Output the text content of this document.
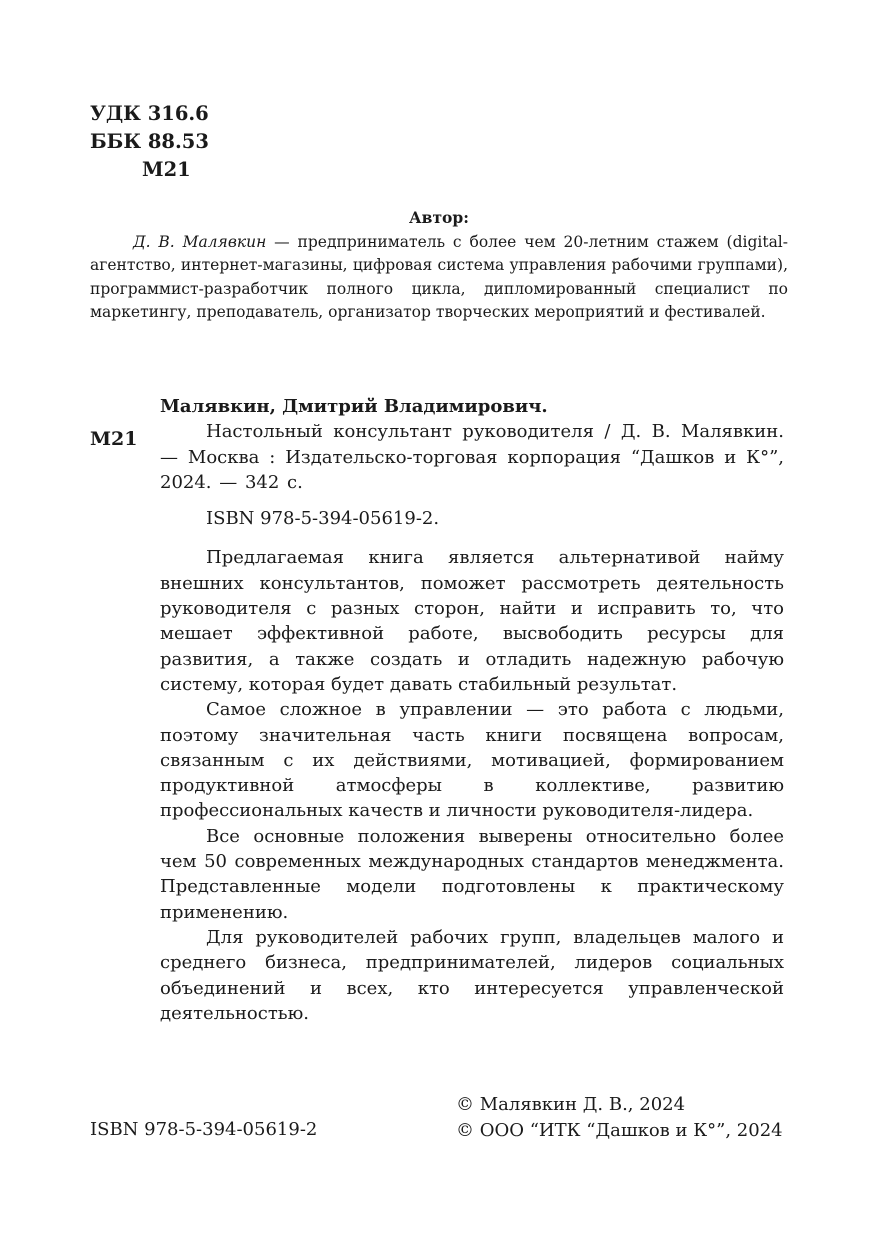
УДК 316.6
ББК 88.53
М21
Автор:
Д. В. Малявкин — предприниматель с более чем 20-летним стажем (digital-агентство, интернет-магазины, цифровая система управления рабочими группами), программист-разработчик полного цикла, дипломированный специалист по маркетингу, преподаватель, организатор творческих мероприятий и фестивалей.
М21
Малявкин, Дмитрий Владимирович.
Настольный консультант руководителя / Д. В. Малявкин. — Москва : Издательско-торговая корпорация “Дашков и К°”, 2024. — 342 с.
ISBN 978-5-394-05619-2.

Предлагаемая книга является альтернативой найму внешних консультантов, поможет рассмотреть деятельность руководителя с разных сторон, найти и исправить то, что мешает эффективной работе, высвободить ресурсы для развития, а также создать и отладить надежную рабочую систему, которая будет давать стабильный результат.

Самое сложное в управлении — это работа с людьми, поэтому значительная часть книги посвящена вопросам, связанным с их действиями, мотивацией, формированием продуктивной атмосферы в коллективе, развитию профессиональных качеств и личности руководителя-лидера.

Все основные положения выверены относительно более чем 50 современных международных стандартов менеджмента. Представленные модели подготовлены к практическому применению.

Для руководителей рабочих групп, владельцев малого и среднего бизнеса, предпринимателей, лидеров социальных объединений и всех, кто интересуется управленческой деятельностью.

ISBN 978-5-394-05619-2
© Малявкин Д. В., 2024
© ООО “ИТК “Дашков и К°”, 2024
